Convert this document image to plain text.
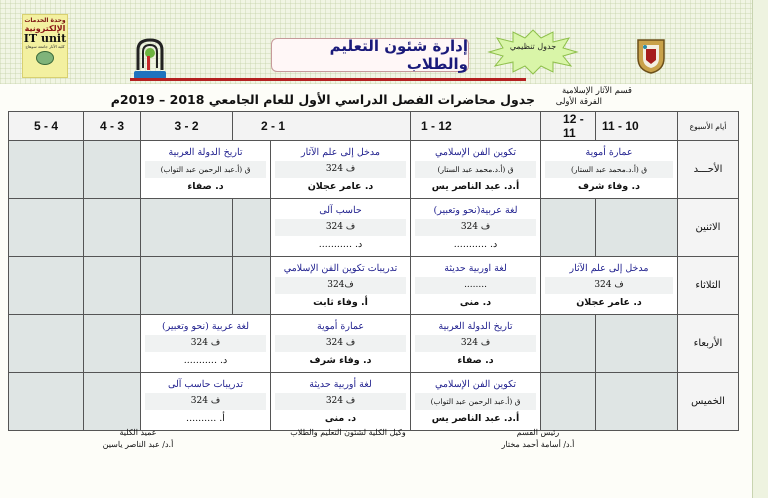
وحدة الخدمات
الإلكترونية
IT unit
كلية الآثار جامعة سوهاج	إدارة شئون التعليم والطلاب
جدول تنظيمي
قسم الآثار الإسلامية
الفرقة الأولى
جدول محاضرات الفصل الدراسي الأول للعام الجامعي 2018 – 2019م
5 - 4	4 - 3	3 - 2	2 - 1		1 - 12	12 - 11	11 - 10	أيام الأسبوع

		تاريخ الدولة العربية
ق (أ.عبد الرحمن عبد التواب)
د. صفاء		مدخل إلى علم الآثار
ف 324
د. عامر عجلان	تكوين الفن الإسلامي
ق (أ.د.محمد عبد الستار)
أ.د. عبد الناصر يس	عمارة أموية
ق (أ.د.محمد عبد الستار)
د. وفاء شرف		الأحـــد

				حاسب آلى
ف 324
د. ...........	لغة عربية(نحو وتعبير)
ف 324
د. ...........			الاثنين

				تدريبات تكوين الفن الإسلامي
ف324
أ. وفاء ثابت	لغة اوربية حديثة
........
د. منى	مدخل إلى علم الآثار
ف 324
د. عامر عجلان		الثلاثاء

		لغة عربية (نحو وتعبير)
ف 324
د. ...........		عمارة أموية
ف 324
د. وفاء شرف	تاريخ الدولة العربية
ف 324
د. صفاء			الأربعاء

		تدريبات حاسب آلى
ف 324
أ. ..........		لغة أوربية حديثة
ف 324
د. منى	تكوين الفن الإسلامي
ق (أ.عبد الرحمن عبد التواب)
أ.د. عبد الناصر يس			الخميس
رئيس القسم
أ.د/ أسامة أحمد مختار
وكيل الكلية لشئون التعليم والطلاب
عميد الكلية
أ.د/ عبد الناصر ياسين
